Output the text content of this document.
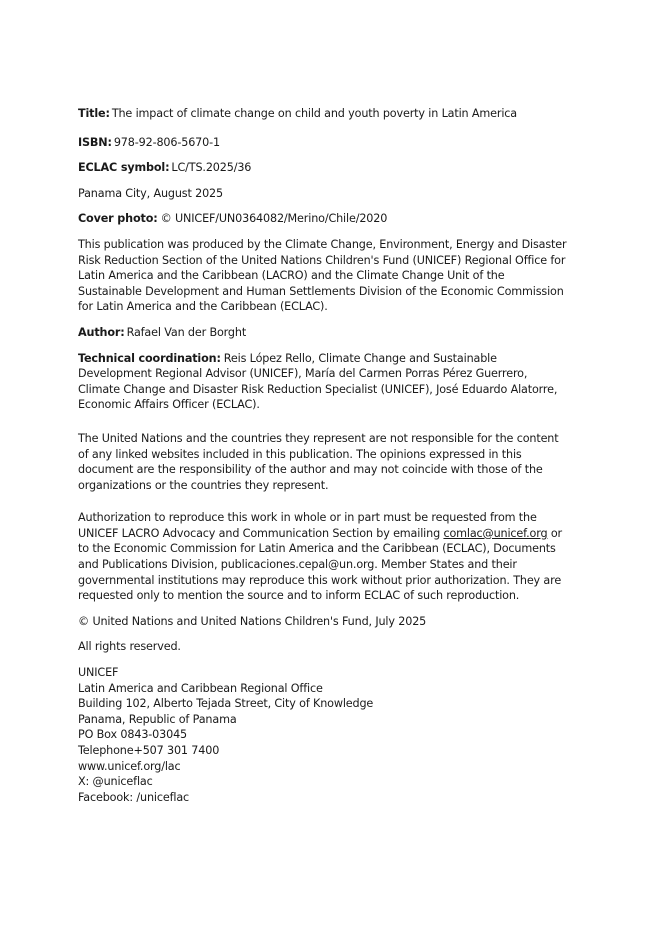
Title: The impact of climate change on child and youth poverty in Latin America

ISBN: 978-92-806-5670-1

ECLAC symbol: LC/TS.2025/36

Panama City, August 2025

Cover photo: © UNICEF/UN0364082/Merino/Chile/2020

This publication was produced by the Climate Change, Environment, Energy and Disaster Risk Reduction Section of the United Nations Children's Fund (UNICEF) Regional Office for Latin America and the Caribbean (LACRO) and the Climate Change Unit of the Sustainable Development and Human Settlements Division of the Economic Commission for Latin America and the Caribbean (ECLAC).

Author: Rafael Van der Borght

Technical coordination: Reis López Rello, Climate Change and Sustainable Development Regional Advisor (UNICEF), María del Carmen Porras Pérez Guerrero, Climate Change and Disaster Risk Reduction Specialist (UNICEF), José Eduardo Alatorre, Economic Affairs Officer (ECLAC).

The United Nations and the countries they represent are not responsible for the content of any linked websites included in this publication. The opinions expressed in this document are the responsibility of the author and may not coincide with those of the organizations or the countries they represent.

Authorization to reproduce this work in whole or in part must be requested from the UNICEF LACRO Advocacy and Communication Section by emailing comlac@unicef.org or to the Economic Commission for Latin America and the Caribbean (ECLAC), Documents and Publications Division, publicaciones.cepal@un.org. Member States and their governmental institutions may reproduce this work without prior authorization. They are requested only to mention the source and to inform ECLAC of such reproduction.

© United Nations and United Nations Children's Fund, July 2025

All rights reserved.

UNICEF
Latin America and Caribbean Regional Office
Building 102, Alberto Tejada Street, City of Knowledge
Panama, Republic of Panama
PO Box 0843-03045
Telephone+507 301 7400
www.unicef.org/lac
X: @uniceflac
Facebook: /uniceflac
